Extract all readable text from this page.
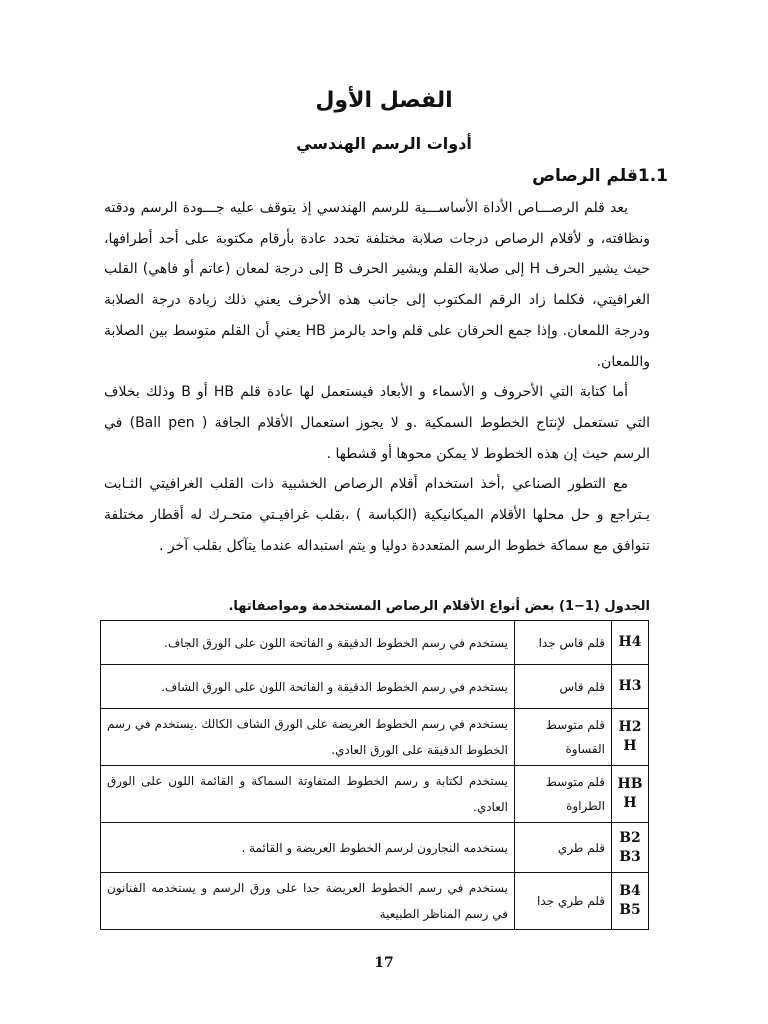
الفصل الأول
أدوات الرسم الهندسي
1.1قلم الرصاص

يعد قلم الرصـــاص الأداة الأساســـية للرسم الهندسي إذ يتوقف عليه جـــودة الرسم ودقته ونظافته، و لأقلام الرصاص درجات صلابة مختلفة تحدد عادة بأرقام مكتوبة على أحد أطرافها، حيث يشير الحرف H إلى صلابة القلم ويشير الحرف B إلى درجة لمعان (عاتم أو فاهي) القلب الغرافيتي، فكلما زاد الرقم المكتوب إلى جانب هذه الأحرف يعني ذلك زيادة درجة الصلابة ودرجة اللمعان. وإذا جمع الحرفان على قلم واحد بالرمز HB يعني أن القلم متوسط بين الصلابة واللمعان.

أما كتابة التي الأحروف و الأسماء و الأبعاد فيستعمل لها عادة قلم HB أو B وذلك بخلاف التي تستعمل لإنتاج الخطوط السمكية .و لا يجوز استعمال الأقلام الجافة ( Ball pen) في الرسم حيث إن هذه الخطوط لا يمكن محوها أو قشطها .

مع التطور الصناعي ,أخذ استخدام أقلام الرصاص الخشبية ذات القلب الغرافيتي الثـابت يـتراجع و حل محلها الأقلام الميكانيكية (الكباسة ) ،بقلب غرافيـتي متحـرك له أقطار مختلفة تتوافق مع سماكة خطوط الرسم المتعددة دوليا و يتم استبداله عندما يتآكل بقلب آخر .

الجدول (1−1) بعض أنواع الأقلام الرصاص المستخدمة ومواصفاتها.
H4	قلم قاس جدا	يستخدم في رسم الخطوط الدقيقة و الفاتحة اللون على الورق الجاف.
H3	قلم قاس	يستخدم في رسم الخطوط الدقيقة و الفاتحة اللون على الورق الشاف.
H2 H	قلم متوسط القساوة	يستخدم في رسم الخطوط العريضة على الورق الشاف الكالك .يستخدم في رسم الخطوط الدقيقة على الورق العادي.
HB H	قلم متوسط الطراوة	يستخدم لكتابة و رسم الخطوط المتفاوتة السماكة و القائمة اللون على الورق العادي.
B2 B3	قلم طري	يستخدمه النجارون لرسم الخطوط العريضة و القائمة .
B4 B5	قلم طري جدا	يستخدم في رسم الخطوط العريضة جدا على ورق الرسم و يستخدمه الفنانون في رسم المناظر الطبيعية
17
